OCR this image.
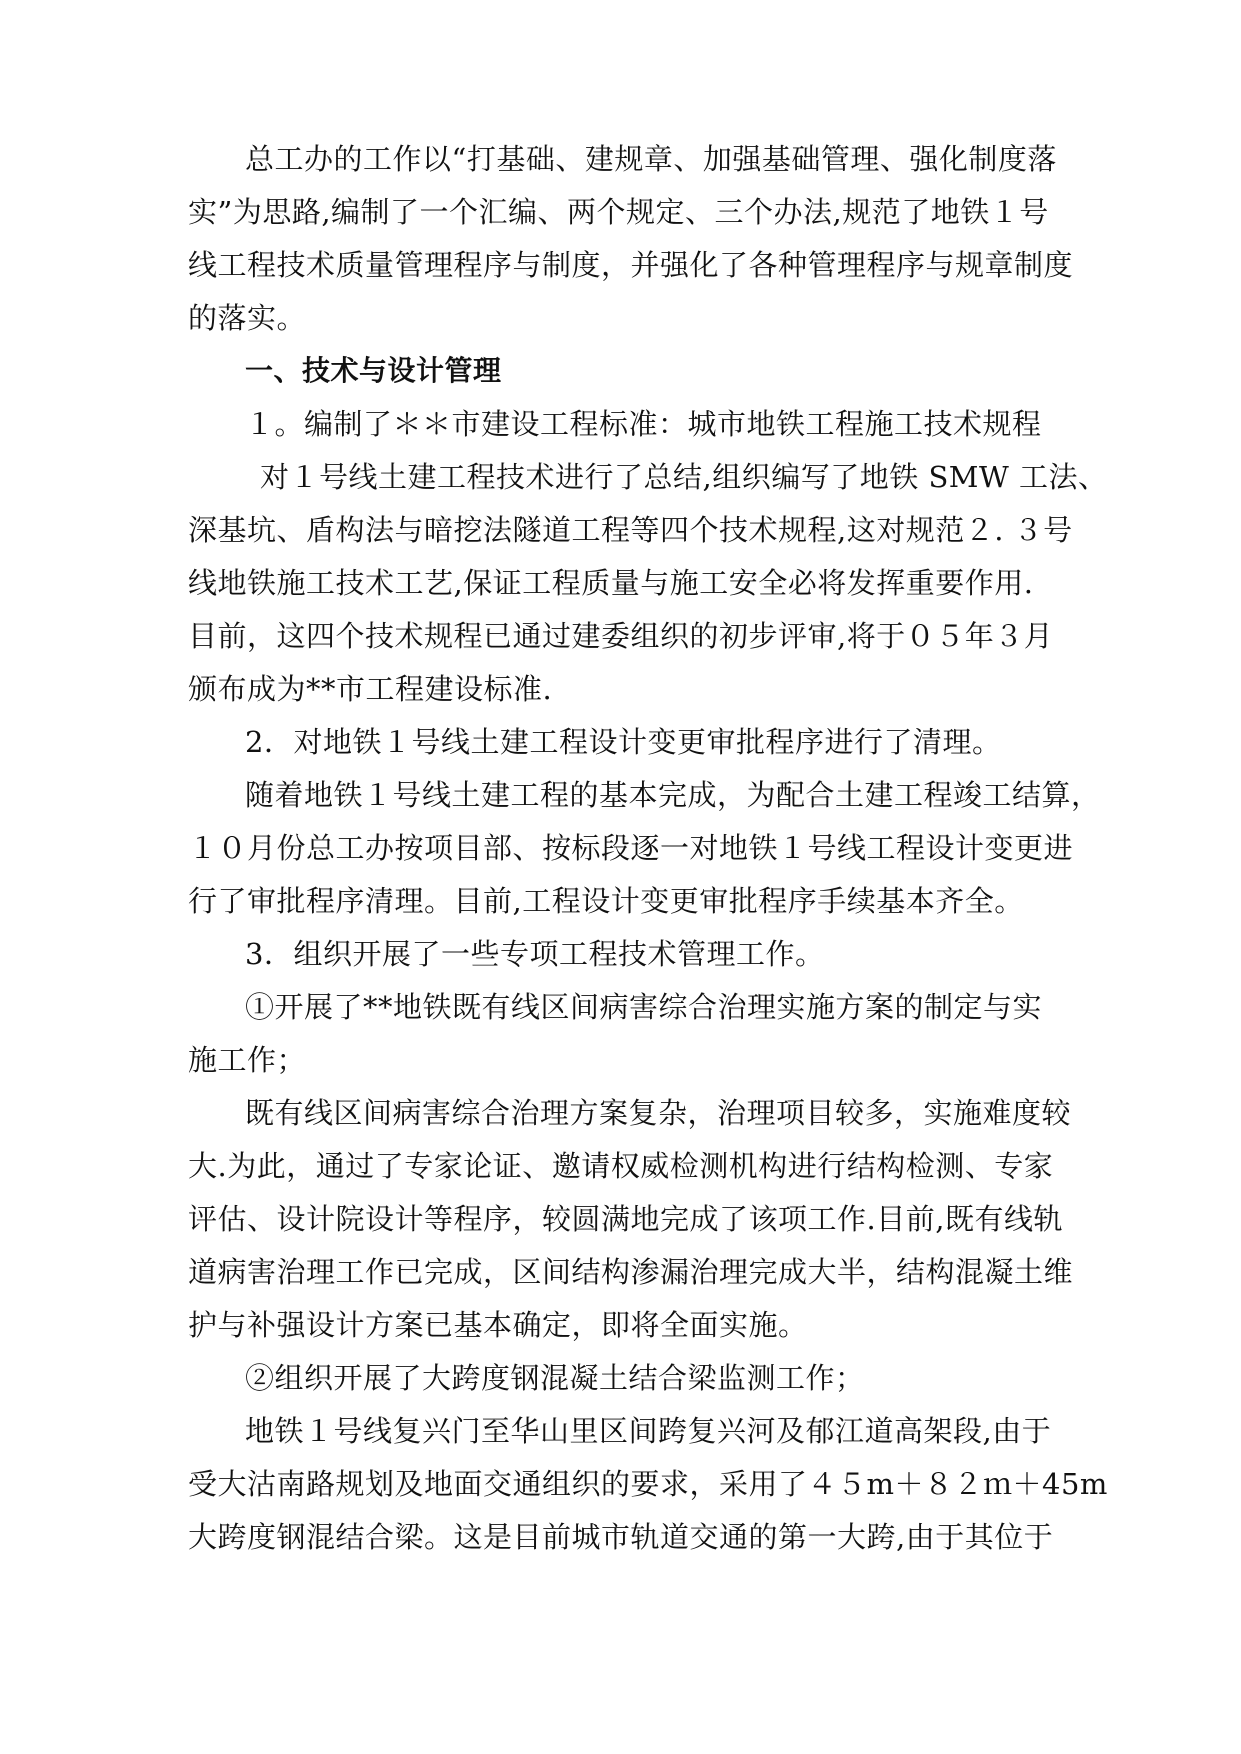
总工办的工作以“打基础、建规章、加强基础管理、强化制度落
实”为思路,编制了一个汇编、两个规定、三个办法,规范了地铁１号
线工程技术质量管理程序与制度，并强化了各种管理程序与规章制度
的落实。
一、技术与设计管理
１。编制了＊＊市建设工程标准：城市地铁工程施工技术规程
对１号线土建工程技术进行了总结,组织编写了地铁 SMW 工法、
深基坑、盾构法与暗挖法隧道工程等四个技术规程,这对规范２. ３号
线地铁施工技术工艺,保证工程质量与施工安全必将发挥重要作用.
目前，这四个技术规程已通过建委组织的初步评审,将于０５年３月
颁布成为**市工程建设标准.
2．对地铁１号线土建工程设计变更审批程序进行了清理。
随着地铁１号线土建工程的基本完成，为配合土建工程竣工结算，
１０月份总工办按项目部、按标段逐一对地铁１号线工程设计变更进
行了审批程序清理。目前,工程设计变更审批程序手续基本齐全。
3．组织开展了一些专项工程技术管理工作。
①开展了**地铁既有线区间病害综合治理实施方案的制定与实
施工作；
既有线区间病害综合治理方案复杂，治理项目较多，实施难度较
大.为此，通过了专家论证、邀请权威检测机构进行结构检测、专家
评估、设计院设计等程序，较圆满地完成了该项工作.目前,既有线轨
道病害治理工作已完成，区间结构渗漏治理完成大半，结构混凝土维
护与补强设计方案已基本确定，即将全面实施。
②组织开展了大跨度钢混凝土结合梁监测工作；
地铁１号线复兴门至华山里区间跨复兴河及郁江道高架段,由于
受大沽南路规划及地面交通组织的要求，采用了４５m＋８２ｍ＋45m
大跨度钢混结合梁。这是目前城市轨道交通的第一大跨,由于其位于
